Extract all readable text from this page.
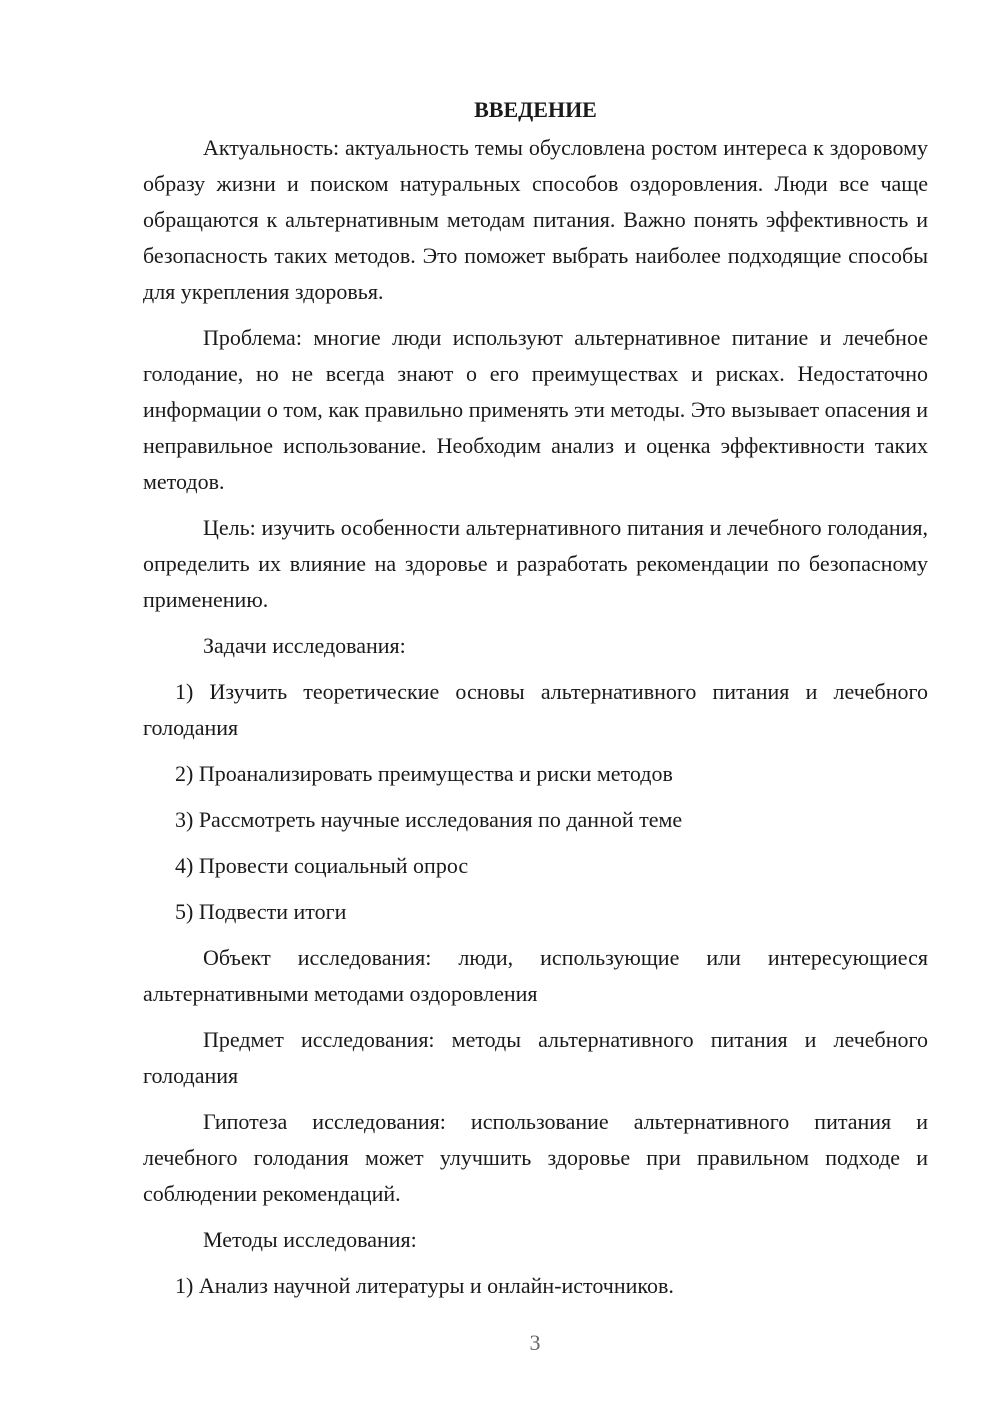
ВВЕДЕНИЕ

Актуальность: актуальность темы обусловлена ростом интереса к здоровому образу жизни и поиском натуральных способов оздоровления. Люди все чаще обращаются к альтернативным методам питания. Важно понять эффективность и безопасность таких методов. Это поможет выбрать наиболее подходящие способы для укрепления здоровья.

Проблема: многие люди используют альтернативное питание и лечебное голодание, но не всегда знают о его преимуществах и рисках. Недостаточно информации о том, как правильно применять эти методы. Это вызывает опасения и неправильное использование. Необходим анализ и оценка эффективности таких методов.

Цель: изучить особенности альтернативного питания и лечебного голодания, определить их влияние на здоровье и разработать рекомендации по безопасному применению.

Задачи исследования:

1) Изучить теоретические основы альтернативного питания и лечебного голодания

2) Проанализировать преимущества и риски методов

3) Рассмотреть научные исследования по данной теме

4) Провести социальный опрос

5) Подвести итоги

Объект исследования: люди, использующие или интересующиеся альтернативными методами оздоровления

Предмет исследования: методы альтернативного питания и лечебного голодания

Гипотеза исследования: использование альтернативного питания и лечебного голодания может улучшить здоровье при правильном подходе и соблюдении рекомендаций.

Методы исследования:

1) Анализ научной литературы и онлайн-источников.

3
